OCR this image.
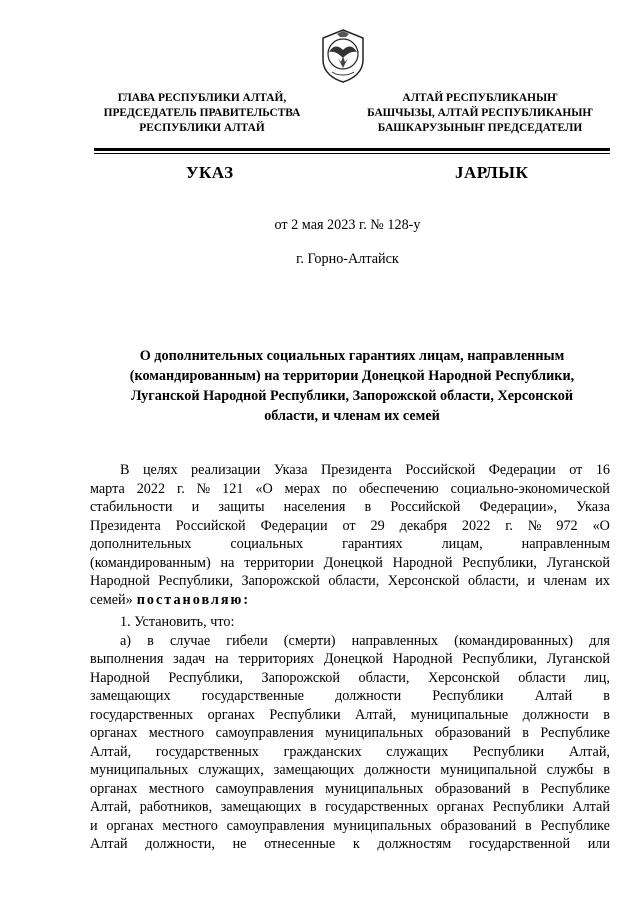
ГЛАВА РЕСПУБЛИКИ АЛТАЙ,
ПРЕДСЕДАТЕЛЬ ПРАВИТЕЛЬСТВА
РЕСПУБЛИКИ АЛТАЙ
АЛТАЙ РЕСПУБЛИКАНЫҤ
БАШЧЫЗЫ, АЛТАЙ РЕСПУБЛИКАНЫҤ
БАШКАРУЗЫНЫҤ ПРЕДСЕДАТЕЛИ
УКАЗ	JАРЛЫК
от 2 мая 2023 г. № 128-у
г. Горно-Алтайск
О дополнительных социальных гарантиях лицам, направленным
(командированным) на территории Донецкой Народной Республики,
Луганской Народной Республики, Запорожской области, Херсонской
области, и членам их семей
В целях реализации Указа Президента Российской Федерации от 16
марта 2022 г. № 121 «О мерах по обеспечению социально-экономической
стабильности и защиты населения в Российской Федерации», Указа
Президента Российской Федерации от 29 декабря 2022 г. № 972 «О
дополнительных	социальных	гарантиях	лицам,	направленным
(командированным) на территории Донецкой Народной Республики, Луганской
Народной Республики, Запорожской области, Херсонской области, и членам их
семей» постановляю:
1. Установить, что:
а) в случае гибели (смерти) направленных (командированных) для
выполнения задач на территориях Донецкой Народной Республики, Луганской
Народной Республики, Запорожской области, Херсонской области лиц,
замещающих государственные должности Республики Алтай в
государственных органах Республики Алтай, муниципальные должности в
органах местного самоуправления муниципальных образований в Республике
Алтай, государственных гражданских служащих Республики Алтай,
муниципальных служащих, замещающих должности муниципальной службы в
органах местного самоуправления муниципальных образований в Республике
Алтай, работников, замещающих в государственных органах Республики Алтай
и органах местного самоуправления муниципальных образований в Республике
Алтай должности, не отнесенные к должностям государственной или
